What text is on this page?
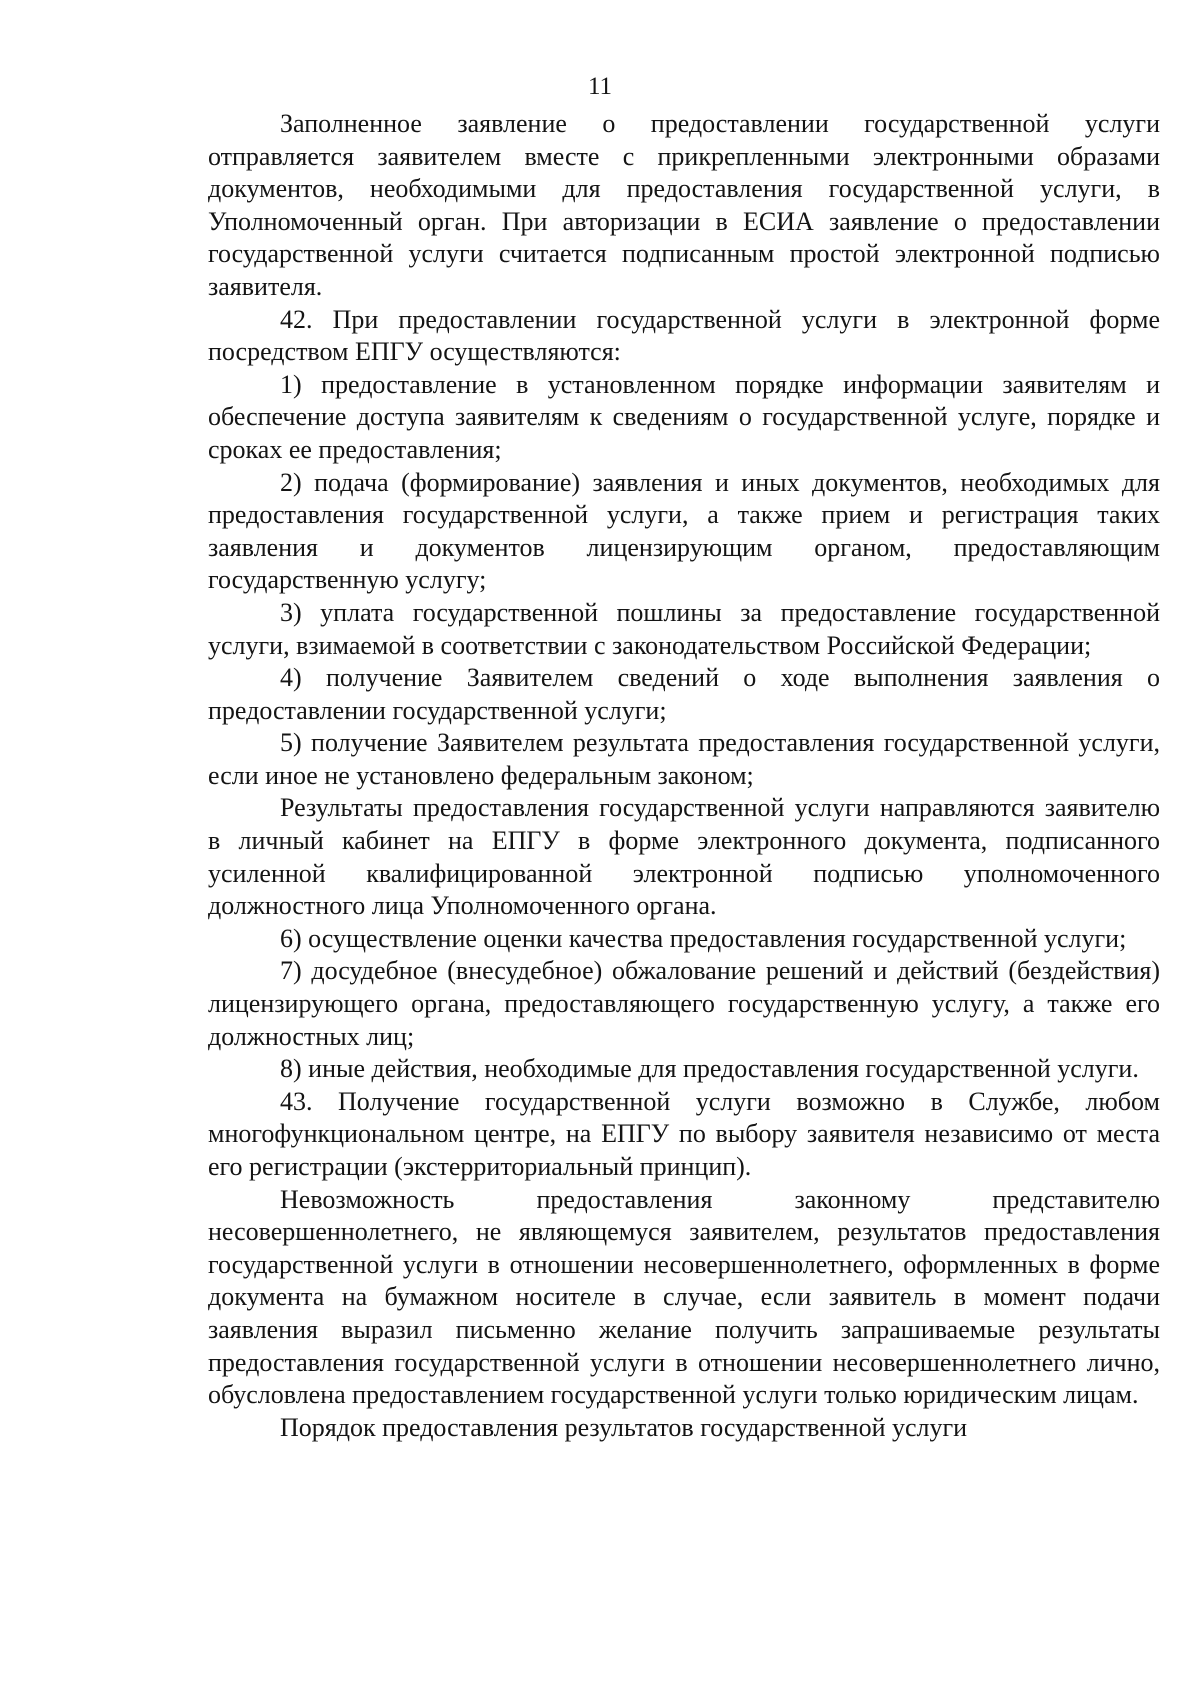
11

Заполненное заявление о предоставлении государственной услуги отправляется заявителем вместе с прикрепленными электронными образами документов, необходимыми для предоставления государственной услуги, в Уполномоченный орган. При авторизации в ЕСИА заявление о предоставлении государственной услуги считается подписанным простой электронной подписью заявителя.

42. При предоставлении государственной услуги в электронной форме посредством ЕПГУ осуществляются:

1) предоставление в установленном порядке информации заявителям и обеспечение доступа заявителям к сведениям о государственной услуге, порядке и сроках ее предоставления;

2) подача (формирование) заявления и иных документов, необходимых для предоставления государственной услуги, а также прием и регистрация таких заявления и документов лицензирующим органом, предоставляющим государственную услугу;

3) уплата государственной пошлины за предоставление государственной услуги, взимаемой в соответствии с законодательством Российской Федерации;

4) получение Заявителем сведений о ходе выполнения заявления о предоставлении государственной услуги;

5) получение Заявителем результата предоставления государственной услуги, если иное не установлено федеральным законом;

Результаты предоставления государственной услуги направляются заявителю в личный кабинет на ЕПГУ в форме электронного документа, подписанного усиленной квалифицированной электронной подписью уполномоченного должностного лица Уполномоченного органа.

6) осуществление оценки качества предоставления государственной услуги;

7) досудебное (внесудебное) обжалование решений и действий (бездействия) лицензирующего органа, предоставляющего государственную услугу, а также его должностных лиц;

8) иные действия, необходимые для предоставления государственной услуги.

43. Получение государственной услуги возможно в Службе, любом многофункциональном центре, на ЕПГУ по выбору заявителя независимо от места его регистрации (экстерриториальный принцип).

Невозможность предоставления законному представителю несовершеннолетнего, не являющемуся заявителем, результатов предоставления государственной услуги в отношении несовершеннолетнего, оформленных в форме документа на бумажном носителе в случае, если заявитель в момент подачи заявления выразил письменно желание получить запрашиваемые результаты предоставления государственной услуги в отношении несовершеннолетнего лично, обусловлена предоставлением государственной услуги только юридическим лицам.

Порядок предоставления результатов государственной услуги
